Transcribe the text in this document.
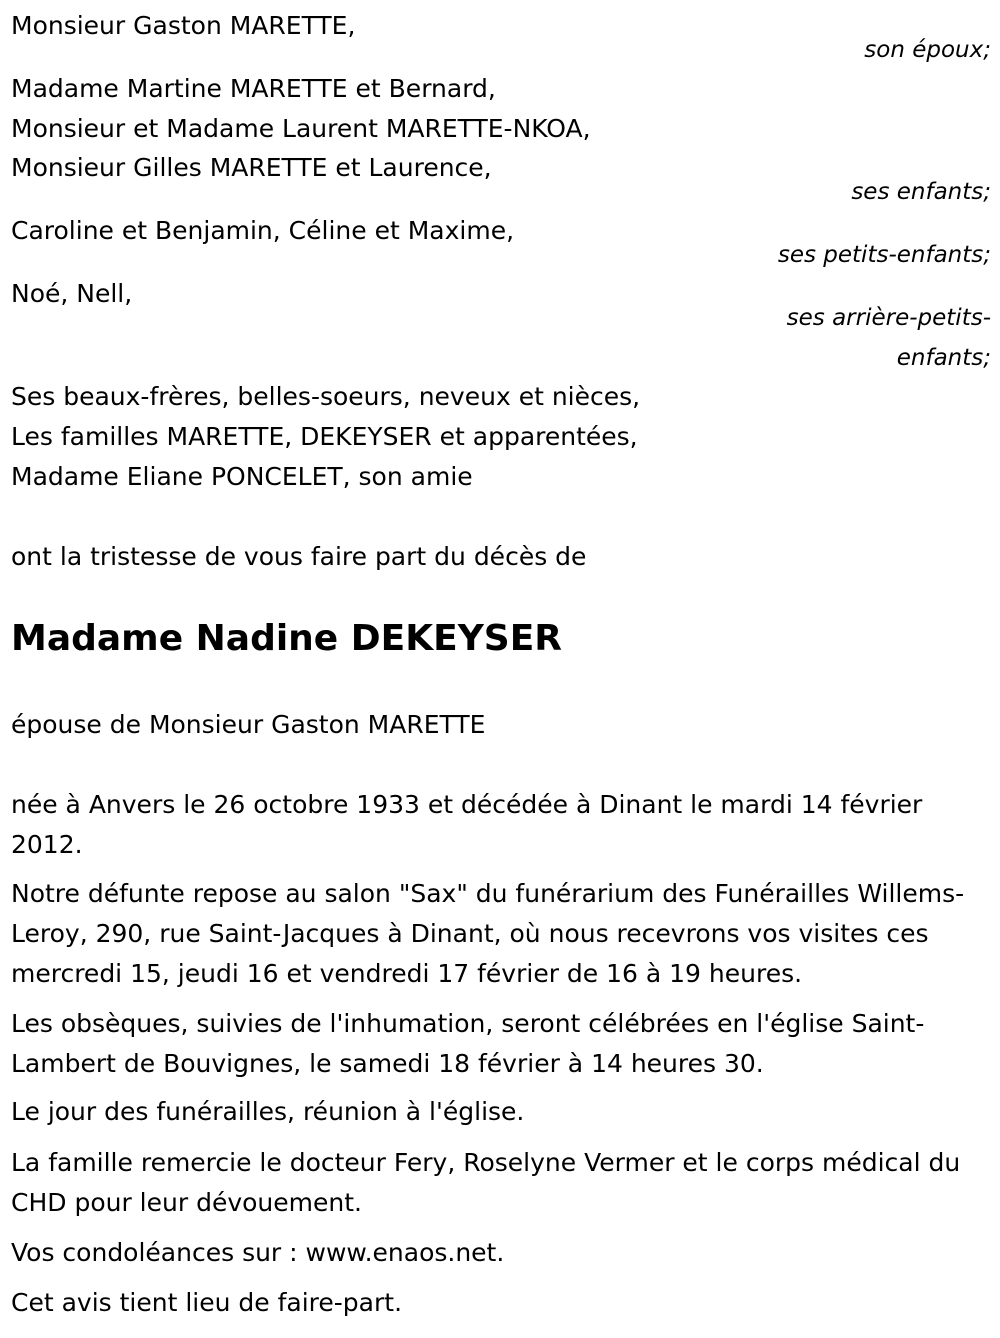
Monsieur Gaston MARETTE,
son époux;
Madame Martine MARETTE et Bernard,
Monsieur et Madame Laurent MARETTE-NKOA,
Monsieur Gilles MARETTE et Laurence,
ses enfants;
Caroline et Benjamin, Céline et Maxime,
ses petits-enfants;
Noé, Nell,
ses arrière-petits-
enfants;
Ses beaux-frères, belles-soeurs, neveux et nièces,
Les familles MARETTE, DEKEYSER et apparentées,
Madame Eliane PONCELET, son amie
ont la tristesse de vous faire part du décès de
Madame Nadine DEKEYSER
épouse de Monsieur Gaston MARETTE
née à Anvers le 26 octobre 1933 et décédée à Dinant le mardi 14 février 2012.
Notre défunte repose au salon "Sax" du funérarium des Funérailles Willems-Leroy, 290, rue Saint-Jacques à Dinant, où nous recevrons vos visites ces mercredi 15, jeudi 16 et vendredi 17 février de 16 à 19 heures.
Les obsèques, suivies de l'inhumation, seront célébrées en l'église Saint-Lambert de Bouvignes, le samedi 18 février à 14 heures 30.
Le jour des funérailles, réunion à l'église.
La famille remercie le docteur Fery, Roselyne Vermer et le corps médical du CHD pour leur dévouement.
Vos condoléances sur : www.enaos.net.
Cet avis tient lieu de faire-part.
